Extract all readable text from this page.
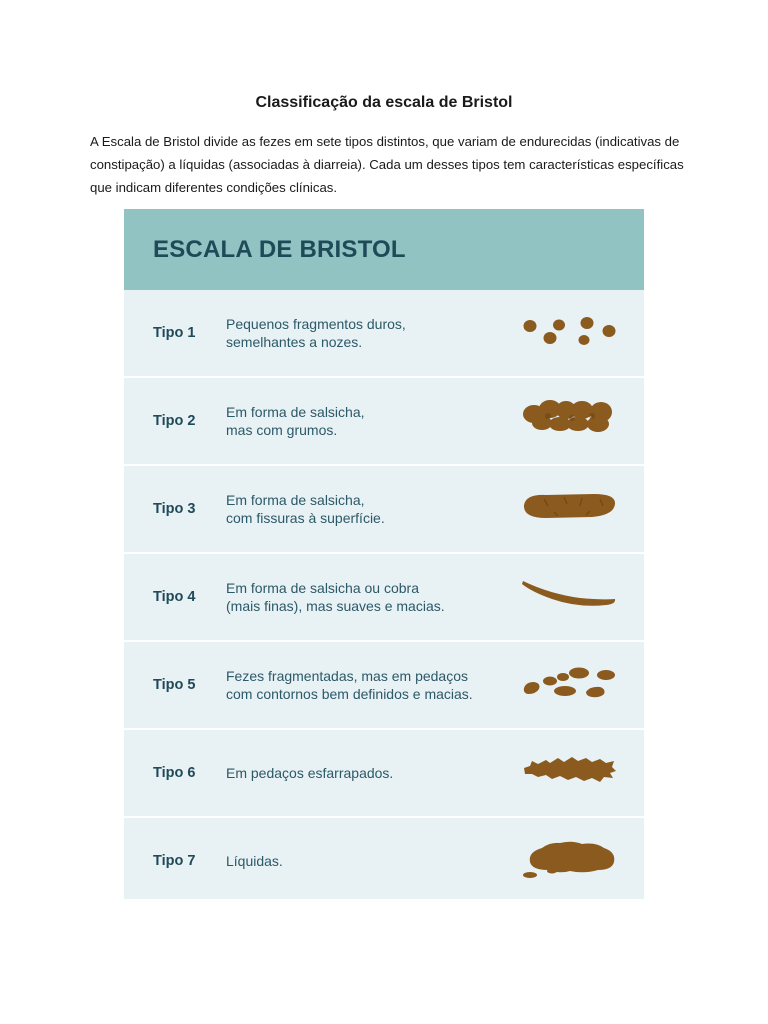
Classificação da escala de Bristol
A Escala de Bristol divide as fezes em sete tipos distintos, que variam de endurecidas (indicativas de constipação) a líquidas (associadas à diarreia). Cada um desses tipos tem características específicas que indicam diferentes condições clínicas.
ESCALA DE BRISTOL
Tipo 1
Pequenos fragmentos duros,
semelhantes a nozes.
Tipo 2
Em forma de salsicha,
mas com grumos.
Tipo 3
Em forma de salsicha,
com fissuras à superfície.
Tipo 4
Em forma de salsicha ou cobra
(mais finas), mas suaves e macias.
Tipo 5
Fezes fragmentadas, mas em pedaços
com contornos bem definidos e macias.
Tipo 6	Em pedaços esfarrapados.
Tipo 7	Líquidas.
